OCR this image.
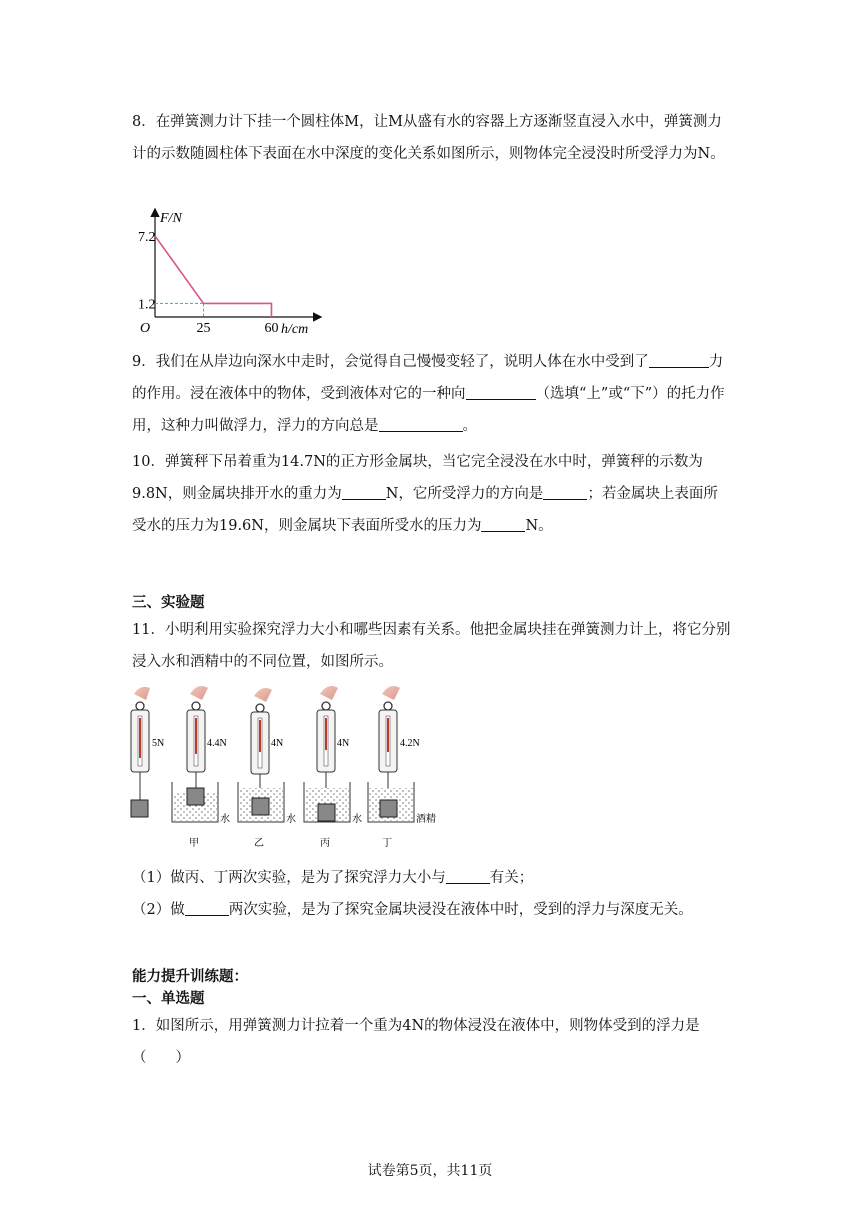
8．在弹簧测力计下挂一个圆柱体M，让M从盛有水的容器上方逐渐竖直浸入水中，弹簧测力计的示数随圆柱体下表面在水中深度的变化关系如图所示，则物体完全浸没时所受浮力为N。

25	60
7.2
1.2
F/N
h/cm
O

9．我们在从岸边向深水中走时，会觉得自己慢慢变轻了，说明人体在水中受到了	力的作用。浸在液体中的物体，受到液体对它的一种向	（选填“上”或“下”）的托力作用，这种力叫做浮力，浮力的方向总是	。

10．弹簧秤下吊着重为14.7N的正方形金属块，当它完全浸没在水中时，弹簧秤的示数为9.8N，则金属块排开水的重力为	N，它所受浮力的方向是	；若金属块上表面所受水的压力为19.6N，则金属块下表面所受水的压力为	N。

三、实验题

11．小明利用实验探究浮力大小和哪些因素有关系。他把金属块挂在弹簧测力计上，将它分别浸入水和酒精中的不同位置，如图所示。

5N	4.4N
水
甲
4N
水
乙
4N
水
丙
4.2N
酒精
丁

（1）做丙、丁两次实验，是为了探究浮力大小与	有关；

（2）做	两次实验，是为了探究金属块浸没在液体中时，受到的浮力与深度无关。

能力提升训练题：
一、单选题

1．如图所示，用弹簧测力计拉着一个重为4N的物体浸没在液体中，则物体受到的浮力是
（　　）

试卷第5页，共11页
